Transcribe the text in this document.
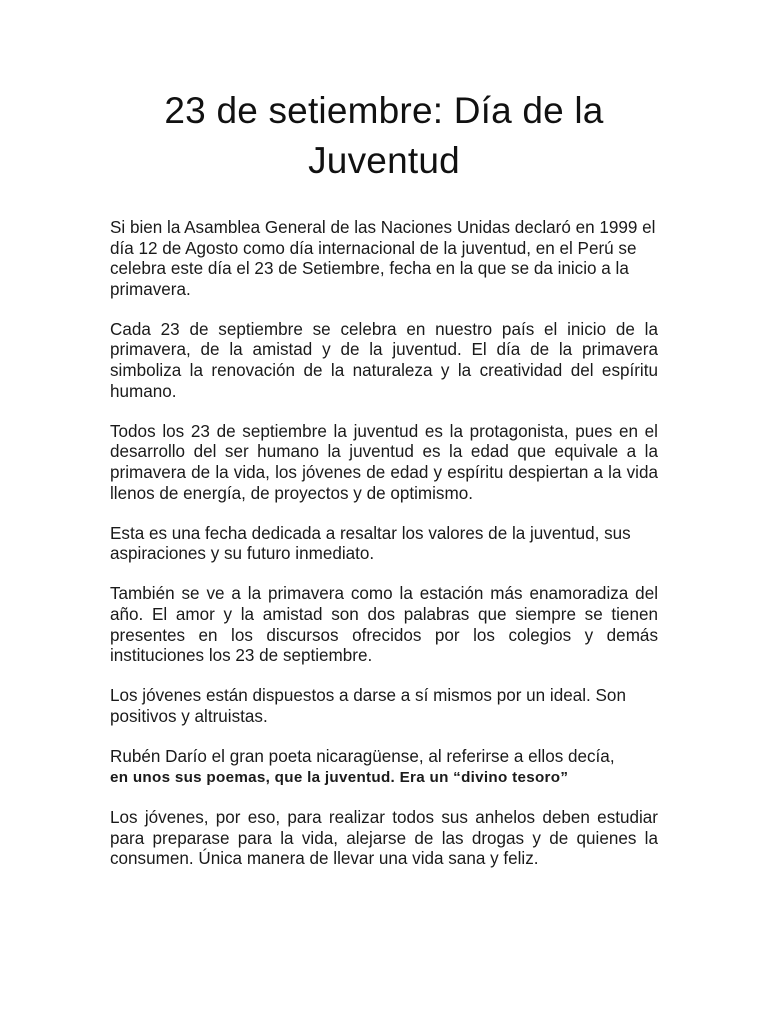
23 de setiembre: Día de la Juventud

Si bien la Asamblea General de las Naciones Unidas declaró en 1999 el día 12 de Agosto como día internacional de la juventud, en el Perú se celebra este día el 23 de Setiembre, fecha en la que se da inicio a la primavera.

Cada 23 de septiembre se celebra en nuestro país el inicio de la primavera, de la amistad y de la juventud. El día de la primavera simboliza la renovación de la naturaleza y la creatividad del espíritu humano.

Todos los 23 de septiembre la juventud es la protagonista, pues en el desarrollo del ser humano la juventud es la edad que equivale a la primavera de la vida, los jóvenes de edad y espíritu despiertan a la vida llenos de energía, de proyectos y de optimismo.

Esta es una fecha dedicada a resaltar los valores de la juventud, sus aspiraciones y su futuro inmediato.

También se ve a la primavera como la estación más enamoradiza del año. El amor y la amistad son dos palabras que siempre se tienen presentes en los discursos ofrecidos por los colegios y demás instituciones los 23 de septiembre.

Los jóvenes están dispuestos a darse a sí mismos por un ideal. Son positivos y altruistas.

Rubén Darío el gran poeta nicaragüense, al referirse a ellos decía,
en unos sus poemas, que la juventud. Era un “divino tesoro”

Los jóvenes, por eso, para realizar todos sus anhelos deben estudiar para preparase para la vida, alejarse de las drogas y de quienes la consumen. Única manera de llevar una vida sana y feliz.
